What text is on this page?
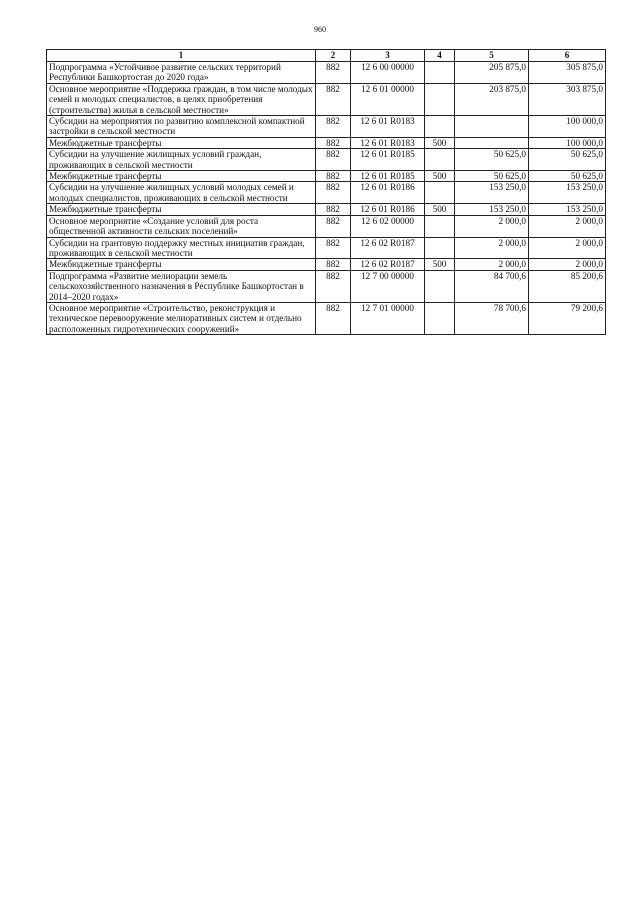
960
1	2	3	4	5	6
Подпрограмма «Устойчивое развитие сельских территорий Республики Башкортостан до 2020 года»	882	12 6 00 00000		205 875,0	305 875,0
Основное мероприятие «Поддержка граждан, в том числе молодых семей и молодых специалистов, в целях приобретения (строительства) жилья в сельской местности»	882	12 6 01 00000		203 875,0	303 875,0
Субсидии на мероприятия по развитию комплексной компактной застройки в сельской местности	882	12 6 01 R0183			100 000,0
Межбюджетные трансферты	882	12 6 01 R0183	500		100 000,0
Субсидии на улучшение жилищных условий граждан, проживающих в сельской местности	882	12 6 01 R0185		50 625,0	50 625,0
Межбюджетные трансферты	882	12 6 01 R0185	500	50 625,0	50 625,0
Субсидии на улучшение жилищных условий молодых семей и молодых специалистов, проживающих в сельской местности	882	12 6 01 R0186		153 250,0	153 250,0
Межбюджетные трансферты	882	12 6 01 R0186	500	153 250,0	153 250,0
Основное мероприятие «Создание условий для роста общественной активности сельских поселений»	882	12 6 02 00000		2 000,0	2 000,0
Субсидии на грантовую поддержку местных инициатив граждан, проживающих в сельской местности	882	12 6 02 R0187		2 000,0	2 000,0
Межбюджетные трансферты	882	12 6 02 R0187	500	2 000,0	2 000,0
Подпрограмма «Развитие мелиорации земель сельскохозяйственного назначения в Республике Башкортостан в 2014–2020 годах»	882	12 7 00 00000		84 700,6	85 200,6
Основное мероприятие «Строительство, реконструкция и техническое перевооружение мелиоративных систем и отдельно расположенных гидротехнических сооружений»	882	12 7 01 00000		78 700,6	79 200,6
